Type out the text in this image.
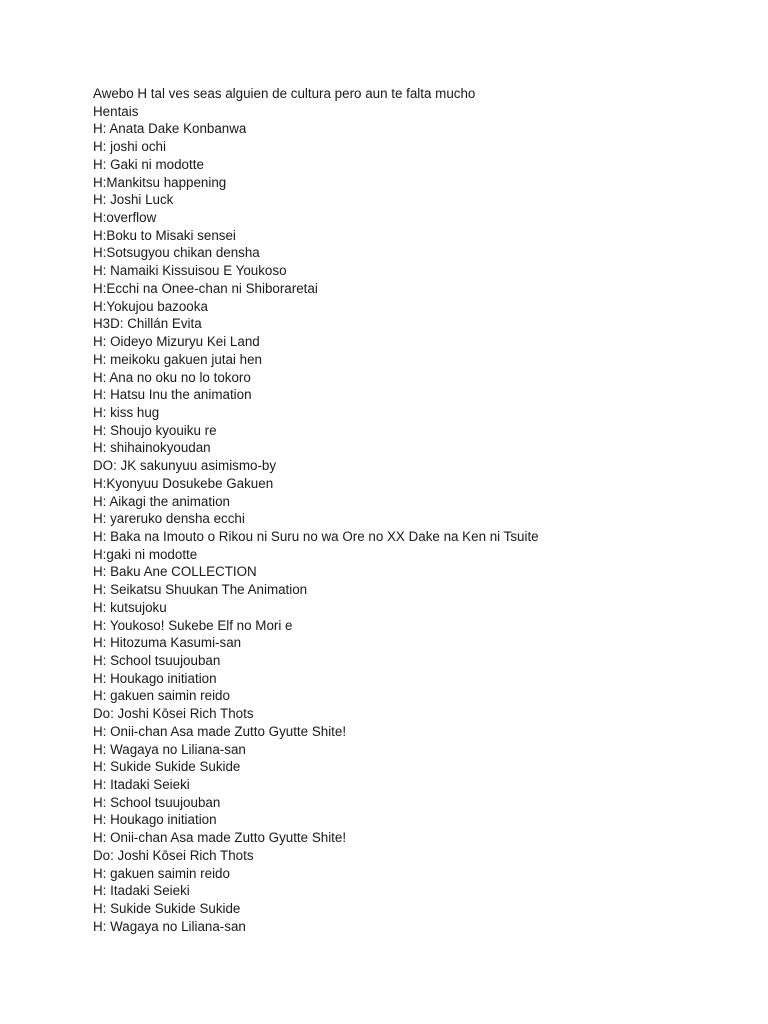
Awebo H tal ves seas alguien de cultura pero aun te falta mucho
Hentais
H: Anata Dake Konbanwa
H: joshi ochi
H: Gaki ni modotte
H:Mankitsu happening
H: Joshi Luck
H:overflow
H:Boku to Misaki sensei
H:Sotsugyou chikan densha
H: Namaiki Kissuisou E Youkoso
H:Ecchi na Onee-chan ni Shiboraretai
H:Yokujou bazooka
H3D: Chillán Evita
H: Oideyo Mizuryu Kei Land
H: meikoku gakuen jutai hen
H: Ana no oku no lo tokoro
H: Hatsu Inu the animation
H: kiss hug
H: Shoujo kyouiku re
H: shihainokyoudan
DO: JK sakunyuu asimismo-by
H:Kyonyuu Dosukebe Gakuen
H: Aikagi the animation
H: yareruko densha ecchi
H: Baka na Imouto o Rikou ni Suru no wa Ore no XX Dake na Ken ni Tsuite
H:gaki ni modotte
H: Baku Ane COLLECTION
H: Seikatsu Shuukan The Animation
H: kutsujoku
H: Youkoso! Sukebe Elf no Mori e
H: Hitozuma Kasumi-san
H: School tsuujouban
H: Houkago initiation
H: gakuen saimin reido
Do: Joshi Kōsei Rich Thots
H: Onii-chan Asa made Zutto Gyutte Shite!
H: Wagaya no Liliana-san
H: Sukide Sukide Sukide
H: Itadaki Seieki
H: School tsuujouban
H: Houkago initiation
H: Onii-chan Asa made Zutto Gyutte Shite!
Do: Joshi Kōsei Rich Thots
H: gakuen saimin reido
H: Itadaki Seieki
H: Sukide Sukide Sukide
H: Wagaya no Liliana-san
